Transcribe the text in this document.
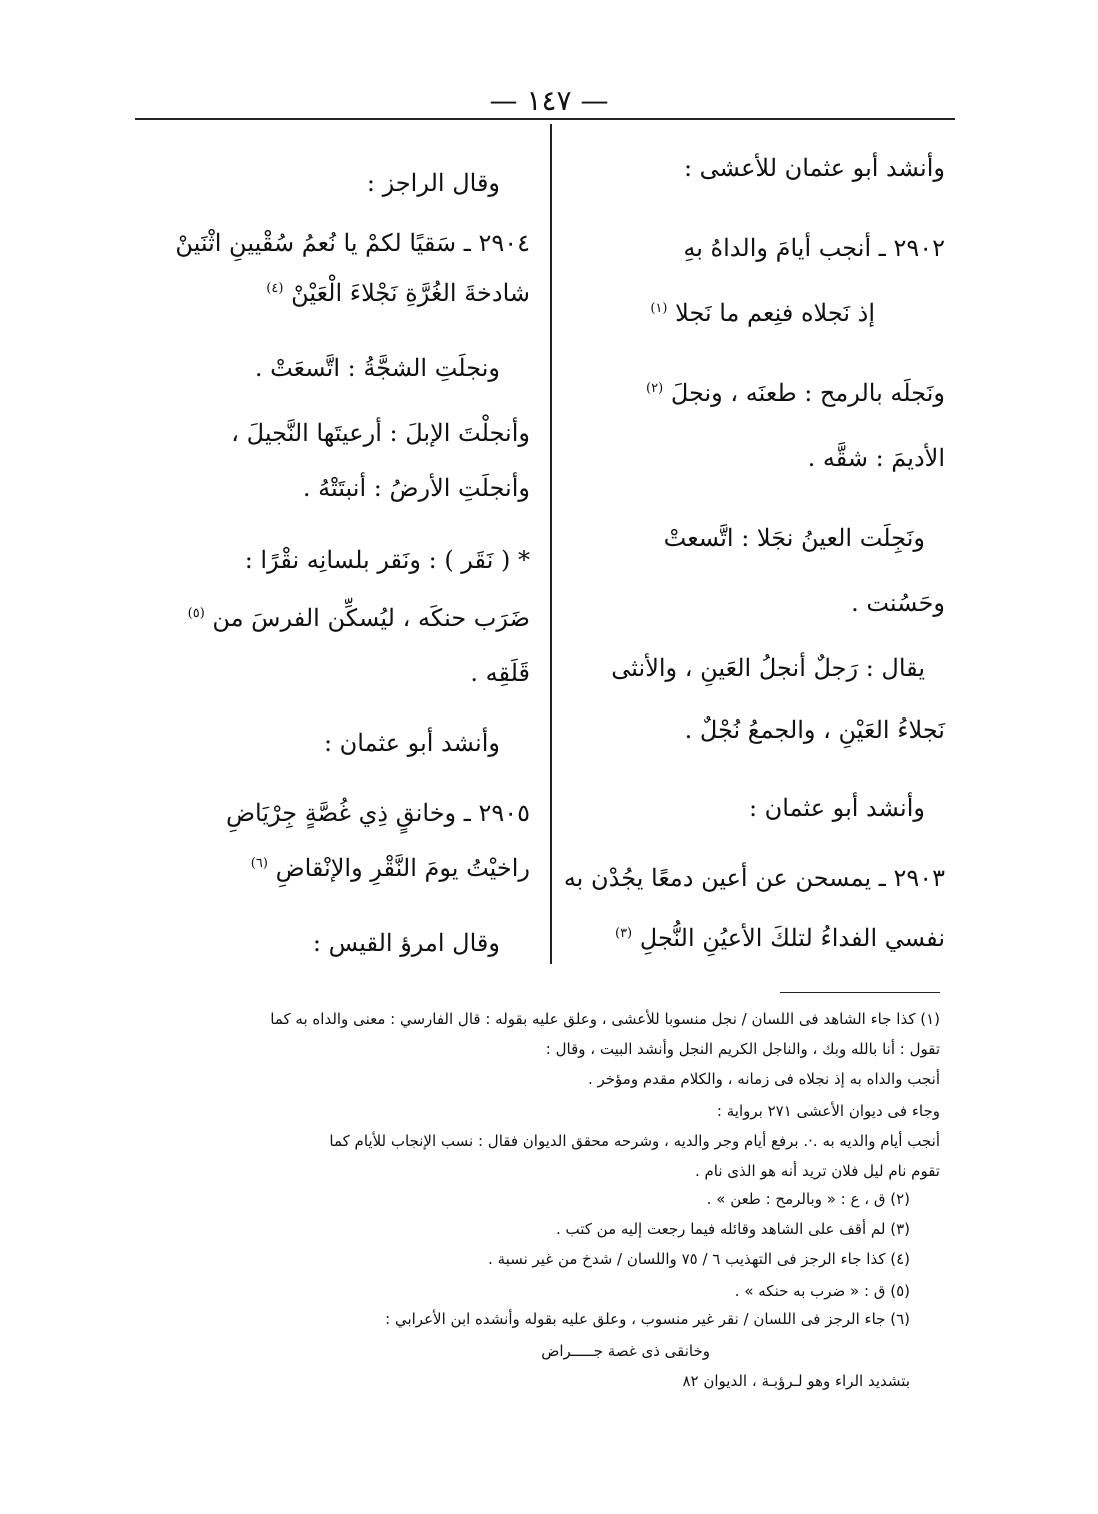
— ١٤٧ —
وأنشد أبو عثمان للأعشى :
٢٩٠٢ ـ أنجب أيامَ والداهُ بهِ
إذ نَجلاه فنِعم ما نَجلا $^{(١)}$
ونَجلَه بالرمح : طعنَه ، ونجلَ $^{(٢)}$
الأديمَ : شقَّه .
ونَجِلَت العينُ نجَلا : اتَّسعتْ
وحَسُنت .
يقال : رَجلٌ أنجلُ العَينِ ، والأنثى
نَجلاءُ العَيْنِ ، والجمعُ نُجْلٌ .
وأنشد أبو عثمان :
٢٩٠٣ ـ يمسحن عن أعين دمعًا يجُدْن به
نفسي الفداءُ لتلكَ الأعيُنِ النُّجلِ $^{(٣)}$
وقال الراجز :
٢٩٠٤ ـ سَقيًا لكمْ يا نُعمُ سُقْيينِ اثْنَينْ
شادخةَ الغُرَّةِ نَجْلاءَ الْعَيْنْ $^{(٤)}$
ونجلَتِ الشجَّةُ : اتَّسعَتْ .
وأنجلْتَ الإبلَ : أرعيتَها النَّجيلَ ،
وأنجلَتِ الأرضُ : أنبتَتْهُ .
* ( نَقَر ) : ونَقر بلسانِه نقْرًا :
ضَرَب حنكَه ، ليُسكِّن الفرسَ من $^{(٥)}$
قَلَقِه .
وأنشد أبو عثمان :
٢٩٠٥ ـ وخانقٍ ذِي غُصَّةٍ جِرْيَاضِ
راخيْتُ يومَ النَّقْرِ والإنْقاضِ $^{(٦)}$
وقال امرؤ القيس :
(١) كذا جاء الشاهد فى اللسان / نجل منسوبا للأعشى ، وعلق عليه بقوله : قال الفارسي : معنى والداه به كما
تقول : أنا بالله وبك ، والناجل الكريم النجل وأنشد البيت ، وقال :
أنجب والداه به إذ نجلاه فى زمانه ، والكلام مقدم ومؤخر .
وجاء فى ديوان الأعشى ٢٧١ برواية :
أنجب أيام والديه به .·. برفع أيام وجر والديه ، وشرحه محقق الديوان فقال : نسب الإنجاب للأيام كما
تقوم نام ليل فلان تريد أنه هو الذى نام .
(٢) ق ، ع : « وبالرمح : طعن » .
(٣) لم أقف على الشاهد وقائله فيما رجعت إليه من كتب .
(٤) كذا جاء الرجز فى التهذيب ٦ / ٧٥ واللسان / شدخ من غير نسبة .
(٥) ق : « ضرب به حنكه » .
(٦) جاء الرجز فى اللسان / نقر غير منسوب ، وعلق عليه بقوله وأنشده ابن الأعرابي :
وخانقى ذى غصة جـــــراض
بتشديد الراء وهو لـرؤبـة ، الديوان ٨٢
